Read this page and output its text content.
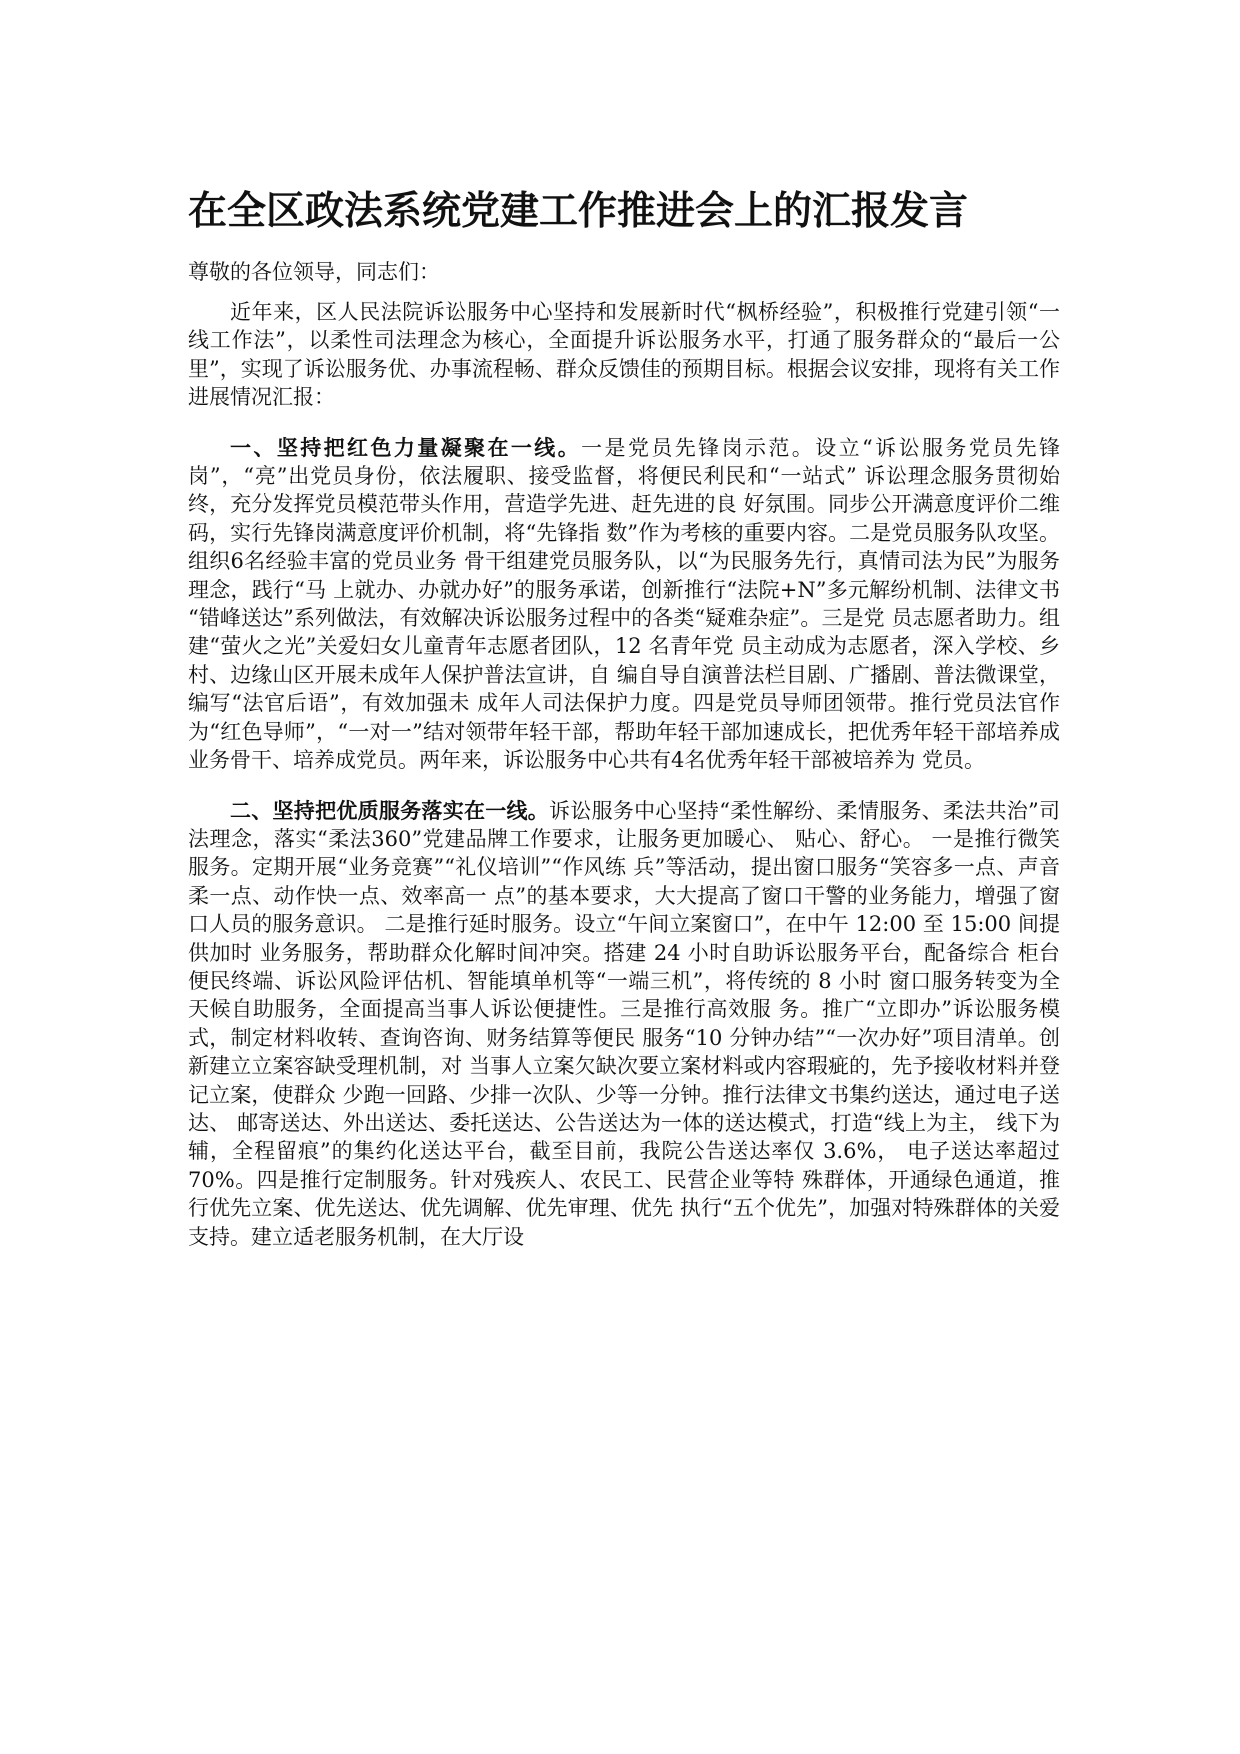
在全区政法系统党建工作推进会上的汇报发言

尊敬的各位领导，同志们：

近年来，区人民法院诉讼服务中心坚持和发展新时代“枫桥经验”，积极推行党建引领“一线工作法”，以柔性司法理念为核心，全面提升诉讼服务水平，打通了服务群众的“最后一公里”，实现了诉讼服务优、办事流程畅、群众反馈佳的预期目标。根据会议安排，现将有关工作进展情况汇报：

一、坚持把红色力量凝聚在一线。一是党员先锋岗示范。设立“诉讼服务党员先锋岗”，“亮”出党员身份，依法履职、接受监督，将便民利民和“一站式” 诉讼理念服务贯彻始终，充分发挥党员模范带头作用，营造学先进、赶先进的良 好氛围。同步公开满意度评价二维码，实行先锋岗满意度评价机制，将“先锋指 数”作为考核的重要内容。二是党员服务队攻坚。组织6名经验丰富的党员业务 骨干组建党员服务队，以“为民服务先行，真情司法为民”为服务理念，践行“马 上就办、办就办好”的服务承诺，创新推行“法院+N”多元解纷机制、法律文书 “错峰送达”系列做法，有效解决诉讼服务过程中的各类“疑难杂症”。三是党 员志愿者助力。组建“萤火之光”关爱妇女儿童青年志愿者团队，12 名青年党 员主动成为志愿者，深入学校、乡村、边缘山区开展未成年人保护普法宣讲，自 编自导自演普法栏目剧、广播剧、普法微课堂，编写“法官后语”，有效加强未 成年人司法保护力度。四是党员导师团领带。推行党员法官作为“红色导师”，“一对一”结对领带年轻干部，帮助年轻干部加速成长，把优秀年轻干部培养成 业务骨干、培养成党员。两年来，诉讼服务中心共有4名优秀年轻干部被培养为 党员。

二、坚持把优质服务落实在一线。诉讼服务中心坚持“柔性解纷、柔情服务、柔法共治”司法理念，落实“柔法360”党建品牌工作要求，让服务更加暖心、 贴心、舒心。 一是推行微笑服务。定期开展“业务竞赛”“礼仪培训”“作风练 兵”等活动，提出窗口服务“笑容多一点、声音柔一点、动作快一点、效率高一 点”的基本要求，大大提高了窗口干警的业务能力，增强了窗口人员的服务意识。 二是推行延时服务。设立“午间立案窗口”，在中午 12:00 至 15:00 间提供加时 业务服务，帮助群众化解时间冲突。搭建 24 小时自助诉讼服务平台，配备综合 柜台便民终端、诉讼风险评估机、智能填单机等“一端三机”，将传统的 8 小时 窗口服务转变为全天候自助服务，全面提高当事人诉讼便捷性。三是推行高效服 务。推广“立即办”诉讼服务模式，制定材料收转、查询咨询、财务结算等便民 服务“10 分钟办结”“一次办好”项目清单。创新建立立案容缺受理机制，对 当事人立案欠缺次要立案材料或内容瑕疵的，先予接收材料并登记立案，使群众 少跑一回路、少排一次队、少等一分钟。推行法律文书集约送达，通过电子送达、 邮寄送达、外出送达、委托送达、公告送达为一体的送达模式，打造“线上为主， 线下为辅，全程留痕”的集约化送达平台，截至目前，我院公告送达率仅 3.6%， 电子送达率超过 70%。四是推行定制服务。针对残疾人、农民工、民营企业等特 殊群体，开通绿色通道，推行优先立案、优先送达、优先调解、优先审理、优先 执行“五个优先”，加强对特殊群体的关爱支持。建立适老服务机制，在大厅设
